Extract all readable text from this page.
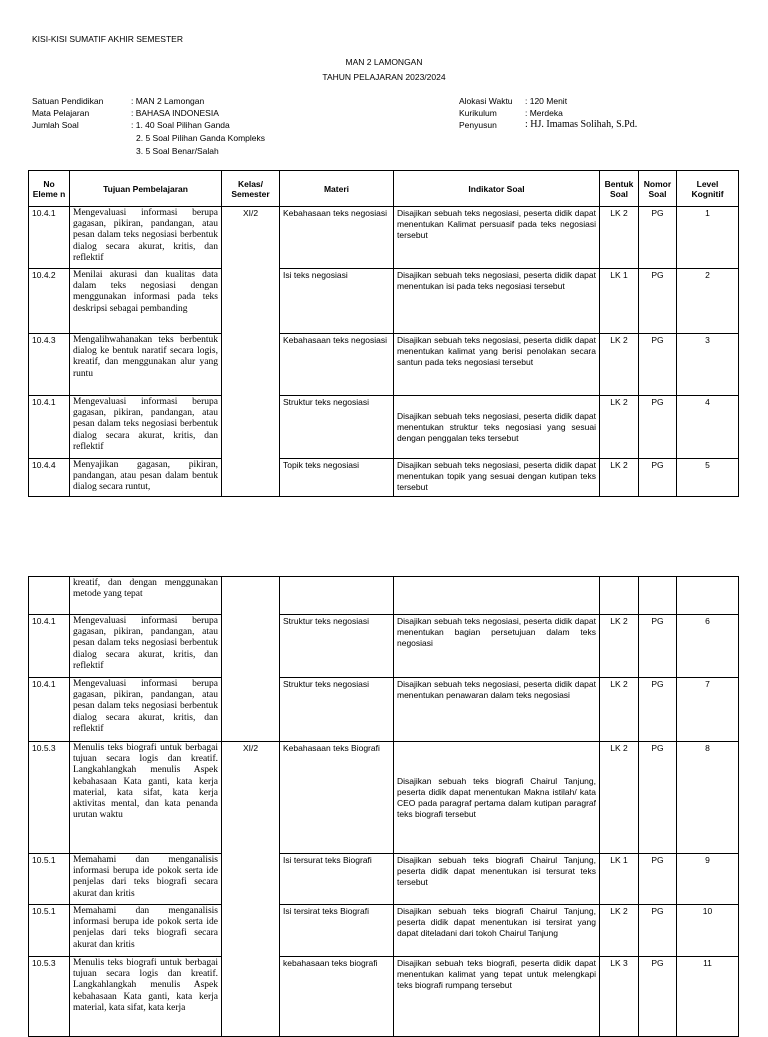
KISI-KISI SUMATIF AKHIR SEMESTER
MAN 2 LAMONGAN
TAHUN PELAJARAN 2023/2024
Satuan Pendidikan	: MAN 2 Lamongan
Mata Pelajaran	: BAHASA INDONESIA
Jumlah Soal	: 1. 40 Soal Pilihan Ganda
2. 5 Soal Pilihan Ganda Kompleks
3. 5 Soal Benar/Salah
Alokasi Waktu : 120 Menit
Kurikulum	: Merdeka
Penyusun	: HJ. Imamas Solihah, S.Pd.
No Eleme n	Tujuan Pembelajaran	Kelas/ Semester	Materi	Indikator Soal	Bentuk Soal	Nomor Soal	Level Kognitif
10.4.1	Mengevaluasi informasi berupa gagasan, pikiran, pandangan, atau pesan dalam teks negosiasi berbentuk dialog secara akurat, kritis, dan reflektif	XI/2	Kebahasaan teks negosiasi	Disajikan sebuah teks negosiasi, peserta didik dapat menentukan Kalimat persuasif pada teks negosiasi tersebut	LK 2	PG	1
10.4.2	Menilai akurasi dan kualitas data dalam teks negosiasi dengan menggunakan informasi pada teks deskripsi sebagai pembanding		Isi teks negosiasi	Disajikan sebuah teks negosiasi, peserta didik dapat menentukan isi pada teks negosiasi tersebut	LK 1	PG	2
10.4.3	Mengalihwahanakan teks berbentuk dialog ke bentuk naratif secara logis, kreatif, dan menggunakan alur yang runtu		Kebahasaan teks negosiasi	Disajikan sebuah teks negosiasi, peserta didik dapat menentukan kalimat yang berisi penolakan secara santun pada teks negosiasi tersebut	LK 2	PG	3
10.4.1	Mengevaluasi informasi berupa gagasan, pikiran, pandangan, atau pesan dalam teks negosiasi berbentuk dialog secara akurat, kritis, dan reflektif		Struktur teks negosiasi	Disajikan sebuah teks negosiasi, peserta didik dapat menentukan struktur teks negosiasi yang sesuai dengan penggalan teks tersebut	LK 2	PG	4
10.4.4	Menyajikan gagasan, pikiran, pandangan, atau pesan dalam bentuk dialog secara runtut,		Topik teks negosiasi	Disajikan sebuah teks negosiasi, peserta didik dapat menentukan topik yang sesuai dengan kutipan teks tersebut	LK 2	PG	5
	kreatif, dan dengan menggunakan metode yang tepat						
10.4.1	Mengevaluasi informasi berupa gagasan, pikiran, pandangan, atau pesan dalam teks negosiasi berbentuk dialog secara akurat, kritis, dan reflektif		Struktur teks negosiasi	Disajikan sebuah teks negosiasi, peserta didik dapat menentukan bagian persetujuan dalam teks negosiasi	LK 2	PG	6
10.4.1	Mengevaluasi informasi berupa gagasan, pikiran, pandangan, atau pesan dalam teks negosiasi berbentuk dialog secara akurat, kritis, dan reflektif		Struktur teks negosiasi	Disajikan sebuah teks negosiasi, peserta didik dapat menentukan penawaran dalam teks negosiasi	LK 2	PG	7
10.5.3	Menulis teks biografi untuk berbagai tujuan secara logis dan kreatif. Langkahlangkah menulis Aspek kebahasaan Kata ganti, kata kerja material, kata sifat, kata kerja aktivitas mental, dan kata penanda urutan waktu	XI/2	Kebahasaan teks Biografi	Disajikan sebuah teks biografi Chairul Tanjung, peserta didik dapat menentukan Makna istilah/ kata CEO pada paragraf pertama dalam kutipan paragraf teks biografi tersebut	LK 2	PG	8
10.5.1	Memahami dan menganalisis informasi berupa ide pokok serta ide penjelas dari teks biografi secara akurat dan kritis		Isi tersurat teks Biografi	Disajikan sebuah teks biografi Chairul Tanjung, peserta didik dapat menentukan isi tersurat teks tersebut	LK 1	PG	9
10.5.1	Memahami dan menganalisis informasi berupa ide pokok serta ide penjelas dari teks biografi secara akurat dan kritis		Isi tersirat teks Biografi	Disajikan sebuah teks biografi Chairul Tanjung, peserta didik dapat menentukan isi tersirat yang dapat diteladani dari tokoh Chairul Tanjung	LK 2	PG	10
10.5.3	Menulis teks biografi untuk berbagai tujuan secara logis dan kreatif. Langkahlangkah menulis Aspek kebahasaan Kata ganti, kata kerja material, kata sifat, kata kerja		kebahasaan teks biografi	Disajikan sebuah teks biografi, peserta didik dapat menentukan kalimat yang tepat untuk melengkapi teks biografi rumpang tersebut	LK 3	PG	11
